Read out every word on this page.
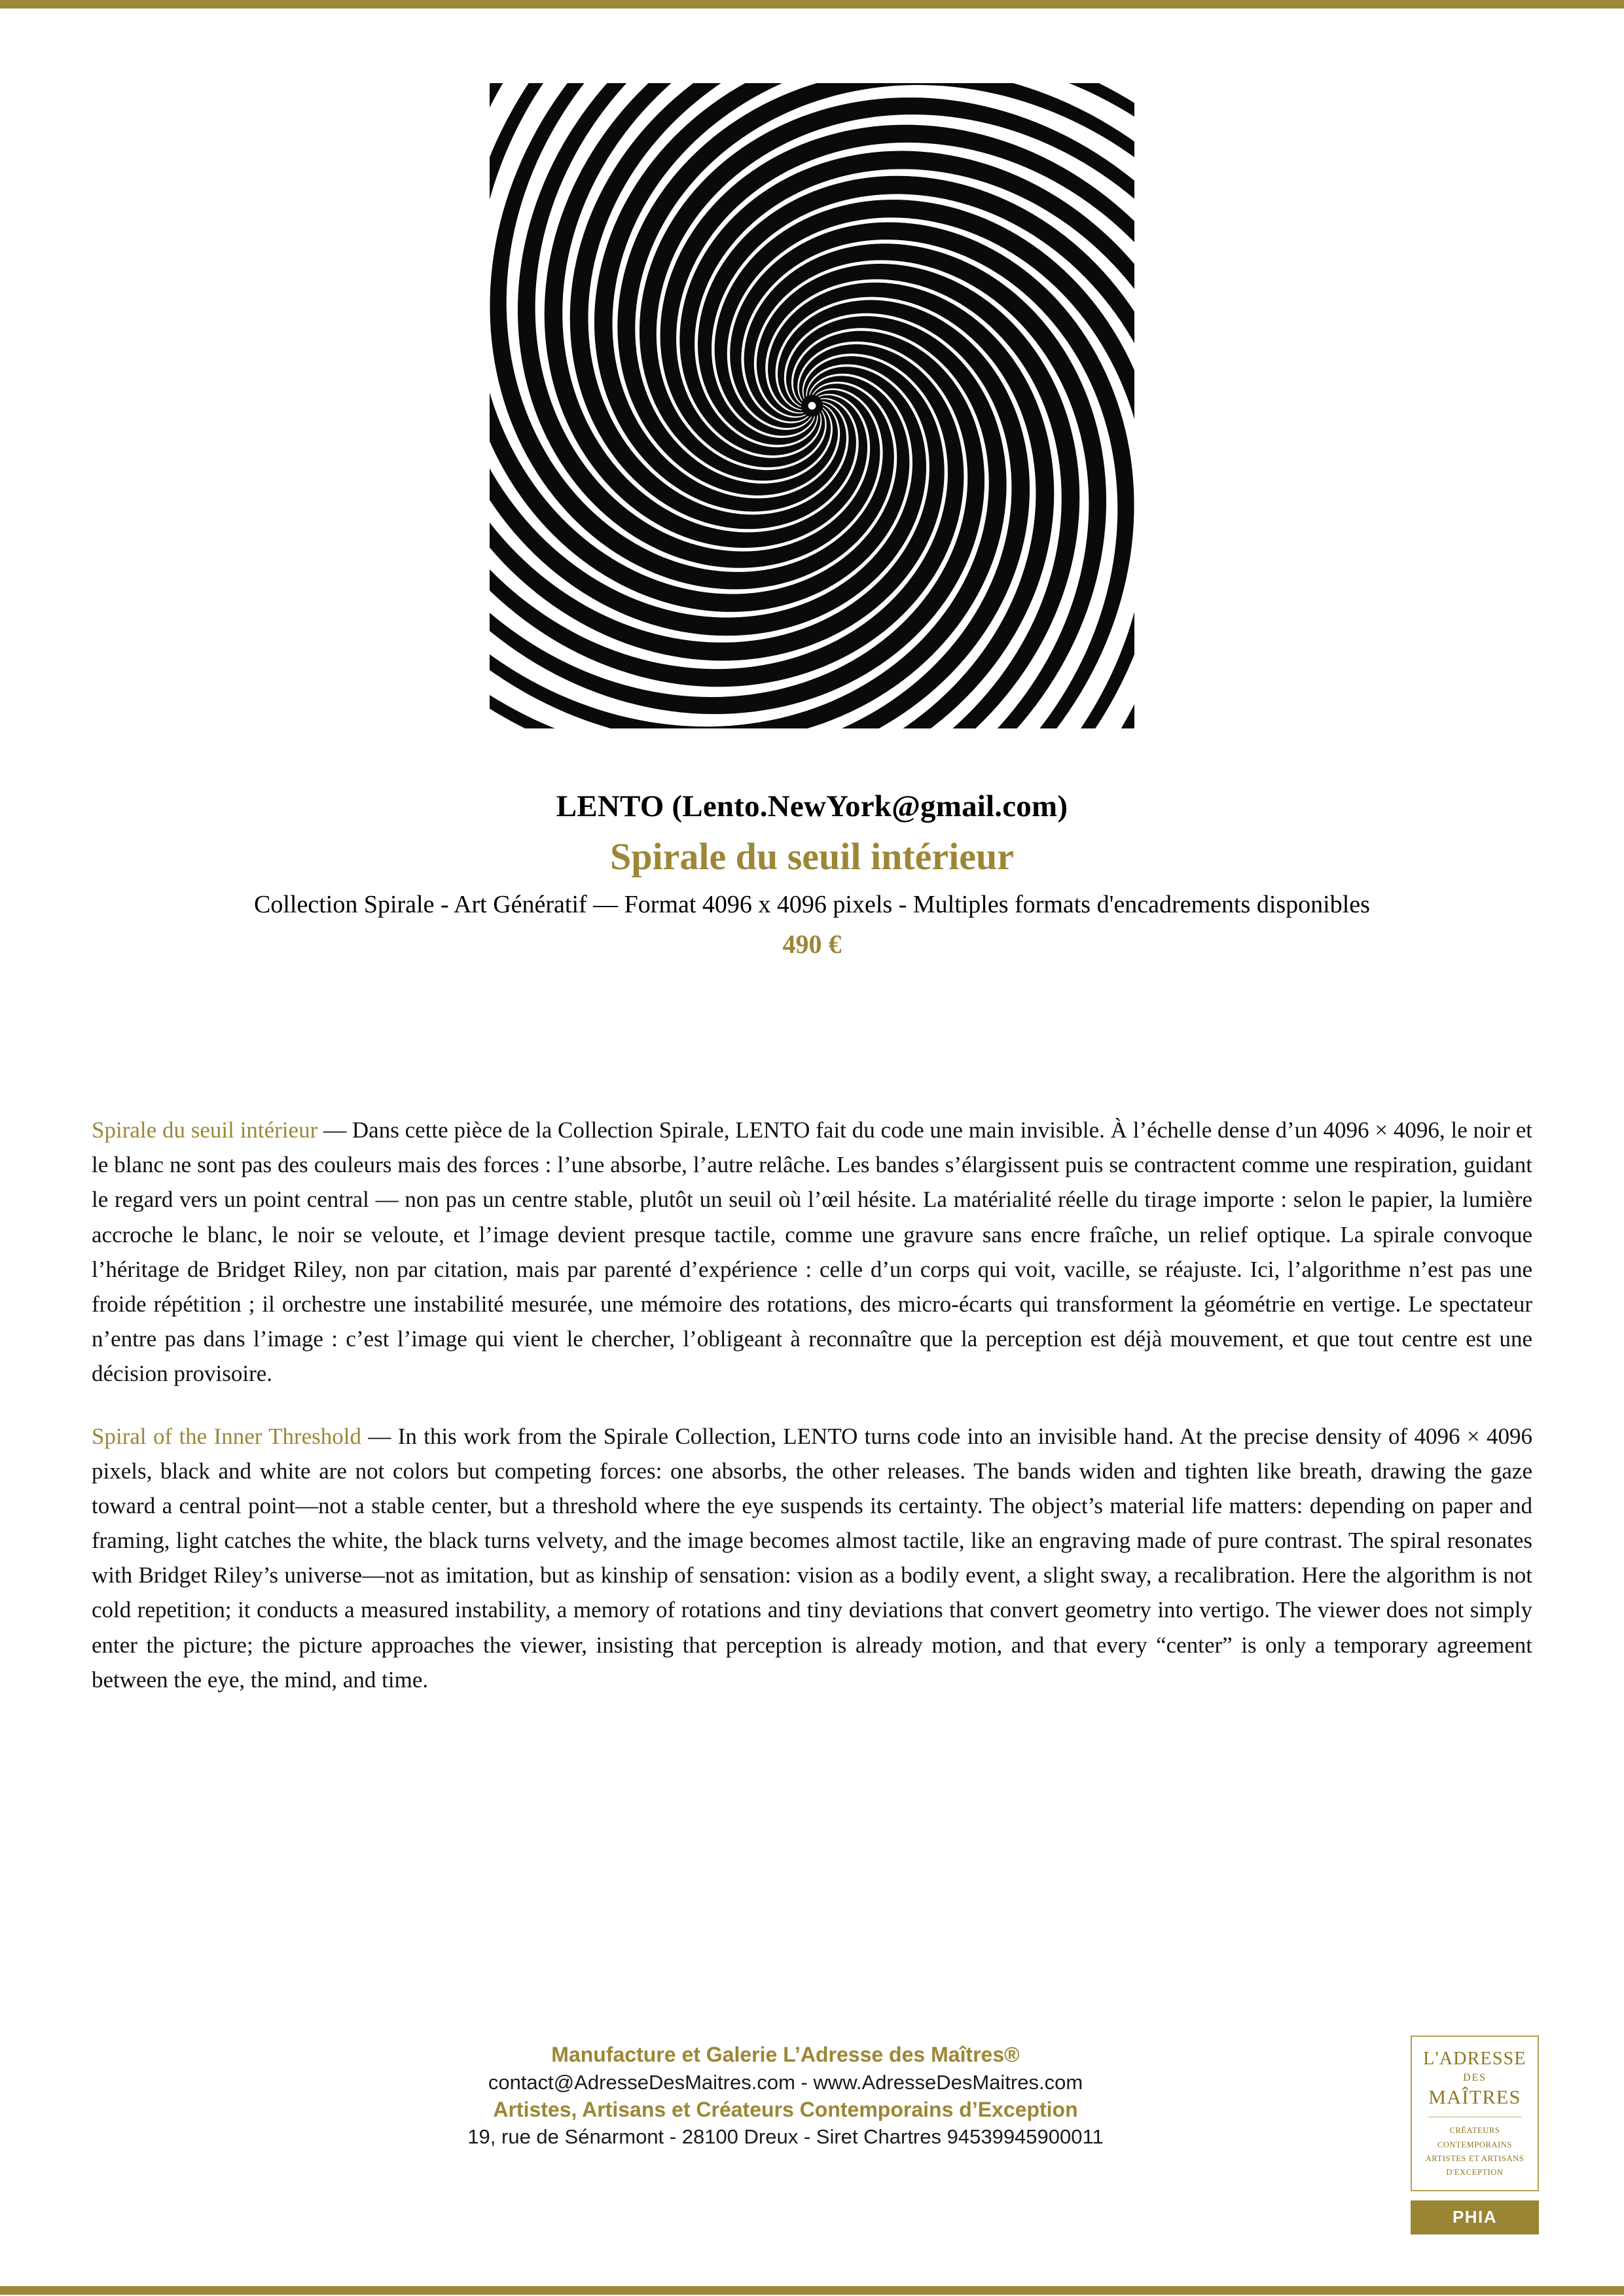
LENTO (Lento.NewYork@gmail.com)
Spirale du seuil intérieur
Collection Spirale - Art Génératif — Format 4096 x 4096 pixels - Multiples formats d'encadrements disponibles
490 €

Spirale du seuil intérieur — Dans cette pièce de la Collection Spirale, LENTO fait du code une main invisible. À l’échelle dense d’un 4096 × 4096, le noir et le blanc ne sont pas des couleurs mais des forces : l’une absorbe, l’autre relâche. Les bandes s’élargissent puis se contractent comme une respiration, guidant le regard vers un point central — non pas un centre stable, plutôt un seuil où l’œil hésite. La matérialité réelle du tirage importe : selon le papier, la lumière accroche le blanc, le noir se veloute, et l’image devient presque tactile, comme une gravure sans encre fraîche, un relief optique. La spirale convoque l’héritage de Bridget Riley, non par citation, mais par parenté d’expérience : celle d’un corps qui voit, vacille, se réajuste. Ici, l’algorithme n’est pas une froide répétition ; il orchestre une instabilité mesurée, une mémoire des rotations, des micro-écarts qui transforment la géométrie en vertige. Le spectateur n’entre pas dans l’image : c’est l’image qui vient le chercher, l’obligeant à reconnaître que la perception est déjà mouvement, et que tout centre est une décision provisoire.

Spiral of the Inner Threshold — In this work from the Spirale Collection, LENTO turns code into an invisible hand. At the precise density of 4096 × 4096 pixels, black and white are not colors but competing forces: one absorbs, the other releases. The bands widen and tighten like breath, drawing the gaze toward a central point—not a stable center, but a threshold where the eye suspends its certainty. The object’s material life matters: depending on paper and framing, light catches the white, the black turns velvety, and the image becomes almost tactile, like an engraving made of pure contrast. The spiral resonates with Bridget Riley’s universe—not as imitation, but as kinship of sensation: vision as a bodily event, a slight sway, a recalibration. Here the algorithm is not cold repetition; it conducts a measured instability, a memory of rotations and tiny deviations that convert geometry into vertigo. The viewer does not simply enter the picture; the picture approaches the viewer, insisting that perception is already motion, and that every “center” is only a temporary agreement between the eye, the mind, and time.

Manufacture et Galerie L’Adresse des Maîtres®
contact@AdresseDesMaitres.com - www.AdresseDesMaitres.com
Artistes, Artisans et Créateurs Contemporains d’Exception
19, rue de Sénarmont - 28100 Dreux - Siret Chartres 94539945900011
L'ADRESSE
DES
MAÎTRES
CRÉATEURS CONTEMPORAINS
ARTISTES ET ARTISANS
D'EXCEPTION
PHIA
